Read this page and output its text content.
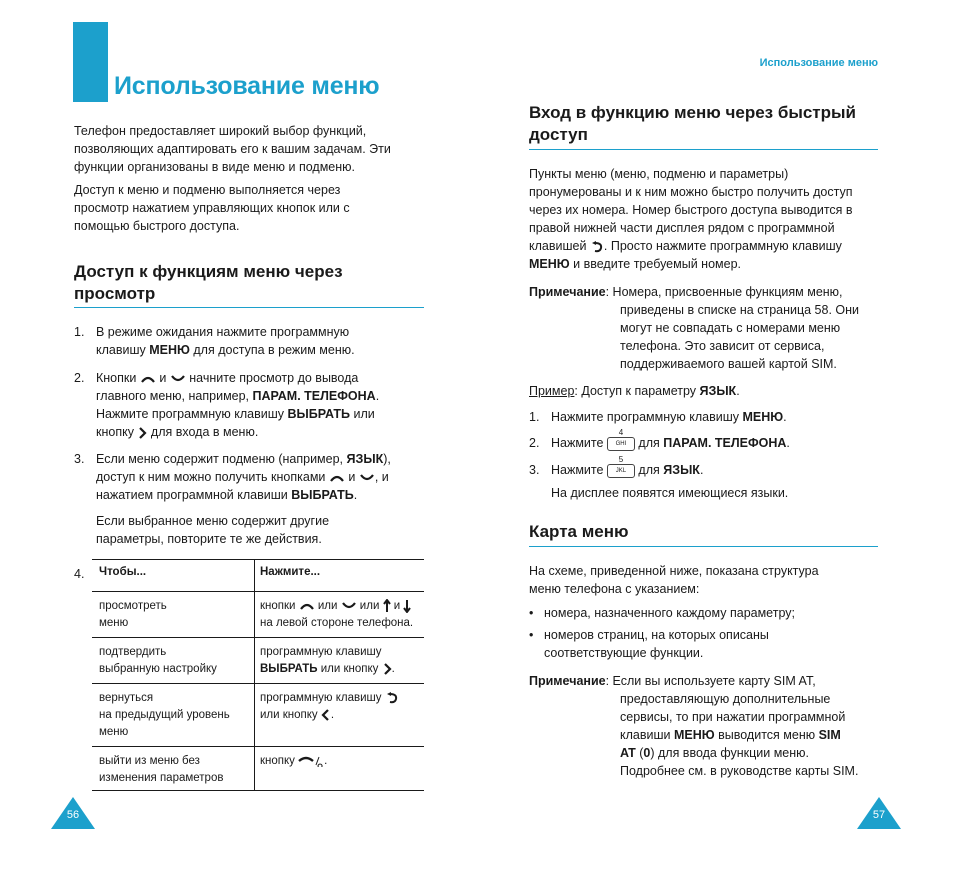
Использование меню
Использование меню
Телефон предоставляет широкий выбор функций,
позволяющих адаптировать его к вашим задачам. Эти
функции организованы в виде меню и подменю.
Доступ к меню и подменю выполняется через
просмотр нажатием управляющих кнопок или с
помощью быстрого доступа.
Доступ к функциям меню через
просмотр
1. В режиме ожидания нажмите программную
клавишу МЕНЮ для доступа в режим меню.
2. Кнопки  и  начните просмотр до вывода
главного меню, например, ПАРАМ. ТЕЛЕФОНА.
Нажмите программную клавишу ВЫБРАТЬ или
кнопку  для входа в меню.
3. Если меню содержит подменю (например, ЯЗЫК),
доступ к ним можно получить кнопками  и , и
нажатием программной клавиши ВЫБРАТЬ.
Если выбранное меню содержит другие
параметры, повторите те же действия.
4.	Чтобы...	Нажмите...
просмотреть
меню
кнопки  или  или  и
на левой стороне телефона.
подтвердить
выбранную настройку
программную клавишу
ВЫБРАТЬ или кнопку .
вернуться
на предыдущий уровень
меню
программную клавишу
или кнопку .
выйти из меню без
изменения параметров
кнопку .
56
Вход в функцию меню через быстрый
доступ
Пункты меню (меню, подменю и параметры)
пронумерованы и к ним можно быстро получить доступ
через их номера. Номер быстрого доступа выводится в
правой нижней части дисплея рядом с программной
клавишей . Просто нажмите программную клавишу
МЕНЮ и введите требуемый номер.
Примечание: Номера, присвоенные функциям меню,
приведены в списке на страница 58. Они
могут не совпадать с номерами меню
телефона. Это зависит от сервиса,
поддерживаемого вашей картой SIM.
Пример: Доступ к параметру ЯЗЫК.
1. Нажмите программную клавишу МЕНЮ.
2. Нажмите
4
GHI для ПАРАМ. ТЕЛЕФОНА.
3. Нажмите
5
JKL для ЯЗЫК.
На дисплее появятся имеющиеся языки.
Карта меню
На схеме, приведенной ниже, показана структура
меню телефона с указанием:
• номера, назначенного каждому параметру;
• номеров страниц, на которых описаны
соответствующие функции.
Примечание: Если вы используете карту SIM AT,
предоставляющую дополнительные
сервисы, то при нажатии программной
клавиши МЕНЮ выводится меню SIM
AT (0) для ввода функции меню.
Подробнее см. в руководстве карты SIM.
57
